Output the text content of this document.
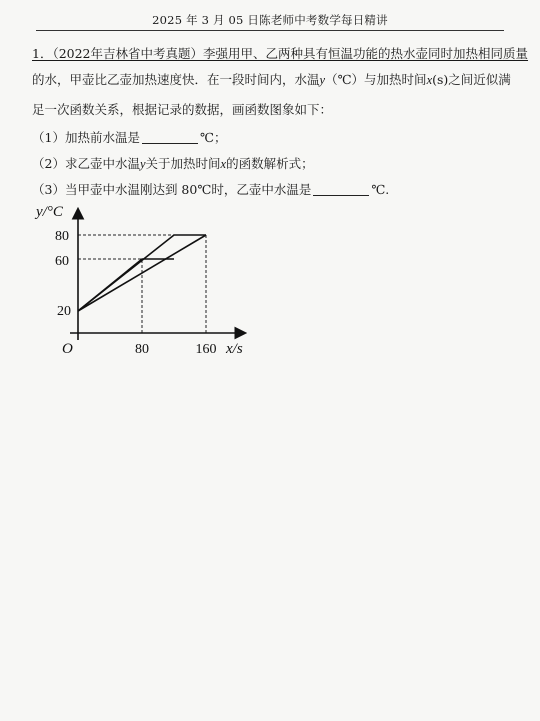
2025 年 3 月 05 日陈老师中考数学每日精讲
1．（2022年吉林省中考真题）李强用甲、乙两种具有恒温功能的热水壶同时加热相同质量
的水，甲壶比乙壶加热速度快．在一段时间内，水温y（℃）与加热时间x(s)之间近似满
足一次函数关系，根据记录的数据，画函数图象如下：
（1）加热前水温是	℃；
（2）求乙壶中水温y关于加热时间x的函数解析式；
（3）当甲壶中水温刚达到 80℃时，乙壶中水温是	℃.
y/°C
x/s
O
80
60
20
80	160
